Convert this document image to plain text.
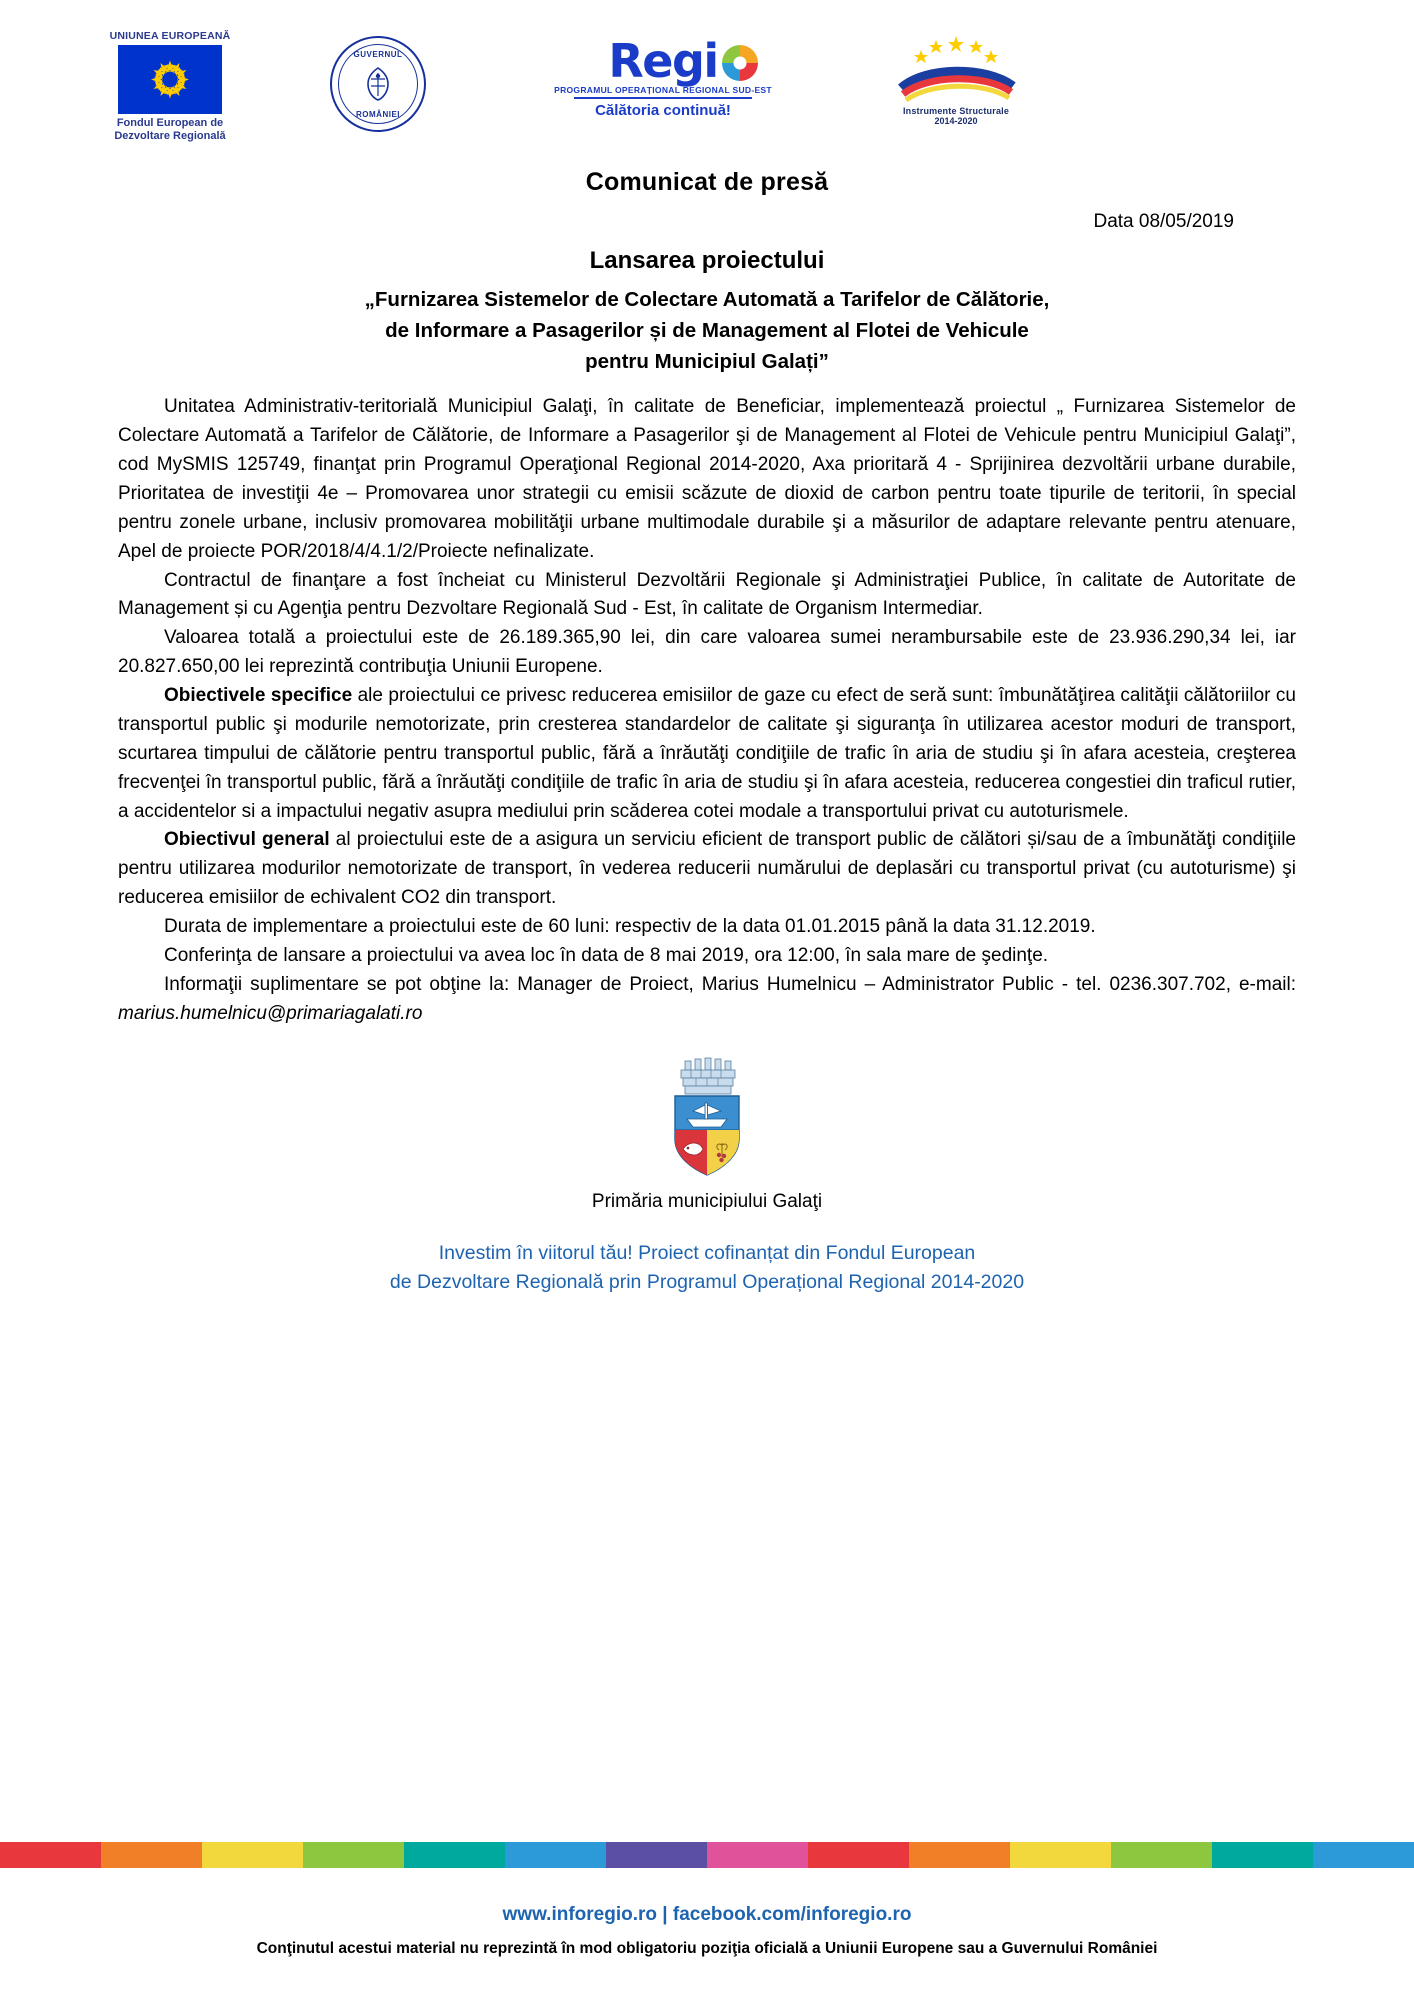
UNIUNEA EUROPEANĂ
Fondul European de
Dezvoltare Regională
GUVERNUL
ROMÂNIEI
Regi
PROGRAMUL OPERAȚIONAL REGIONAL SUD-EST
Călătoria continuă!	Instrumente Structurale
2014-2020
Comunicat de presă
Data 08/05/2019
Lansarea proiectului
„Furnizarea Sistemelor de Colectare Automată a Tarifelor de Călătorie,
de Informare a Pasagerilor și de Management al Flotei de Vehicule
pentru Municipiul Galați”

Unitatea Administrativ-teritorială Municipiul Galaţi, în calitate de Beneficiar, implementează proiectul „ Furnizarea Sistemelor de Colectare Automată a Tarifelor de Călătorie, de Informare a Pasagerilor şi de Management al Flotei de Vehicule pentru Municipiul Galaţi”, cod MySMIS 125749, finanţat prin Programul Operaţional Regional 2014-2020, Axa prioritară 4 - Sprijinirea dezvoltării urbane durabile, Prioritatea de investiţii 4e – Promovarea unor strategii cu emisii scăzute de dioxid de carbon pentru toate tipurile de teritorii, în special pentru zonele urbane, inclusiv promovarea mobilităţii urbane multimodale durabile şi a măsurilor de adaptare relevante pentru atenuare, Apel de proiecte POR/2018/4/4.1/2/Proiecte nefinalizate.

Contractul de finanţare a fost încheiat cu Ministerul Dezvoltării Regionale şi Administraţiei Publice, în calitate de Autoritate de Management și cu Agenţia pentru Dezvoltare Regională Sud - Est, în calitate de Organism Intermediar.

Valoarea totală a proiectului este de 26.189.365,90 lei, din care valoarea sumei nerambursabile este de 23.936.290,34 lei, iar 20.827.650,00 lei reprezintă contribuţia Uniunii Europene.

Obiectivele specifice ale proiectului ce privesc reducerea emisiilor de gaze cu efect de seră sunt: îmbunătăţirea calităţii călătoriilor cu transportul public şi modurile nemotorizate, prin cresterea standardelor de calitate şi siguranţa în utilizarea acestor moduri de transport, scurtarea timpului de călătorie pentru transportul public, fără a înrăutăţi condiţiile de trafic în aria de studiu şi în afara acesteia, creşterea frecvenţei în transportul public, fără a înrăutăţi condiţiile de trafic în aria de studiu şi în afara acesteia, reducerea congestiei din traficul rutier, a accidentelor si a impactului negativ asupra mediului prin scăderea cotei modale a transportului privat cu autoturismele.

Obiectivul general al proiectului este de a asigura un serviciu eficient de transport public de călători și/sau de a îmbunătăţi condiţiile pentru utilizarea modurilor nemotorizate de transport, în vederea reducerii numărului de deplasări cu transportul privat (cu autoturisme) şi reducerea emisiilor de echivalent CO2 din transport.

Durata de implementare a proiectului este de 60 luni: respectiv de la data 01.01.2015 până la data 31.12.2019.

Conferinţa de lansare a proiectului va avea loc în data de 8 mai 2019, ora 12:00, în sala mare de şedinţe.

Informaţii suplimentare se pot obţine la: Manager de Proiect, Marius Humelnicu – Administrator Public - tel. 0236.307.702, e-mail: marius.humelnicu@primariagalati.ro

Primăria municipiului Galaţi
Investim în viitorul tău! Proiect cofinanțat din Fondul European
de Dezvoltare Regională prin Programul Operațional Regional 2014-2020
www.inforegio.ro | facebook.com/inforegio.ro
Conţinutul acestui material nu reprezintă în mod obligatoriu poziţia oficială a Uniunii Europene sau a Guvernului României
